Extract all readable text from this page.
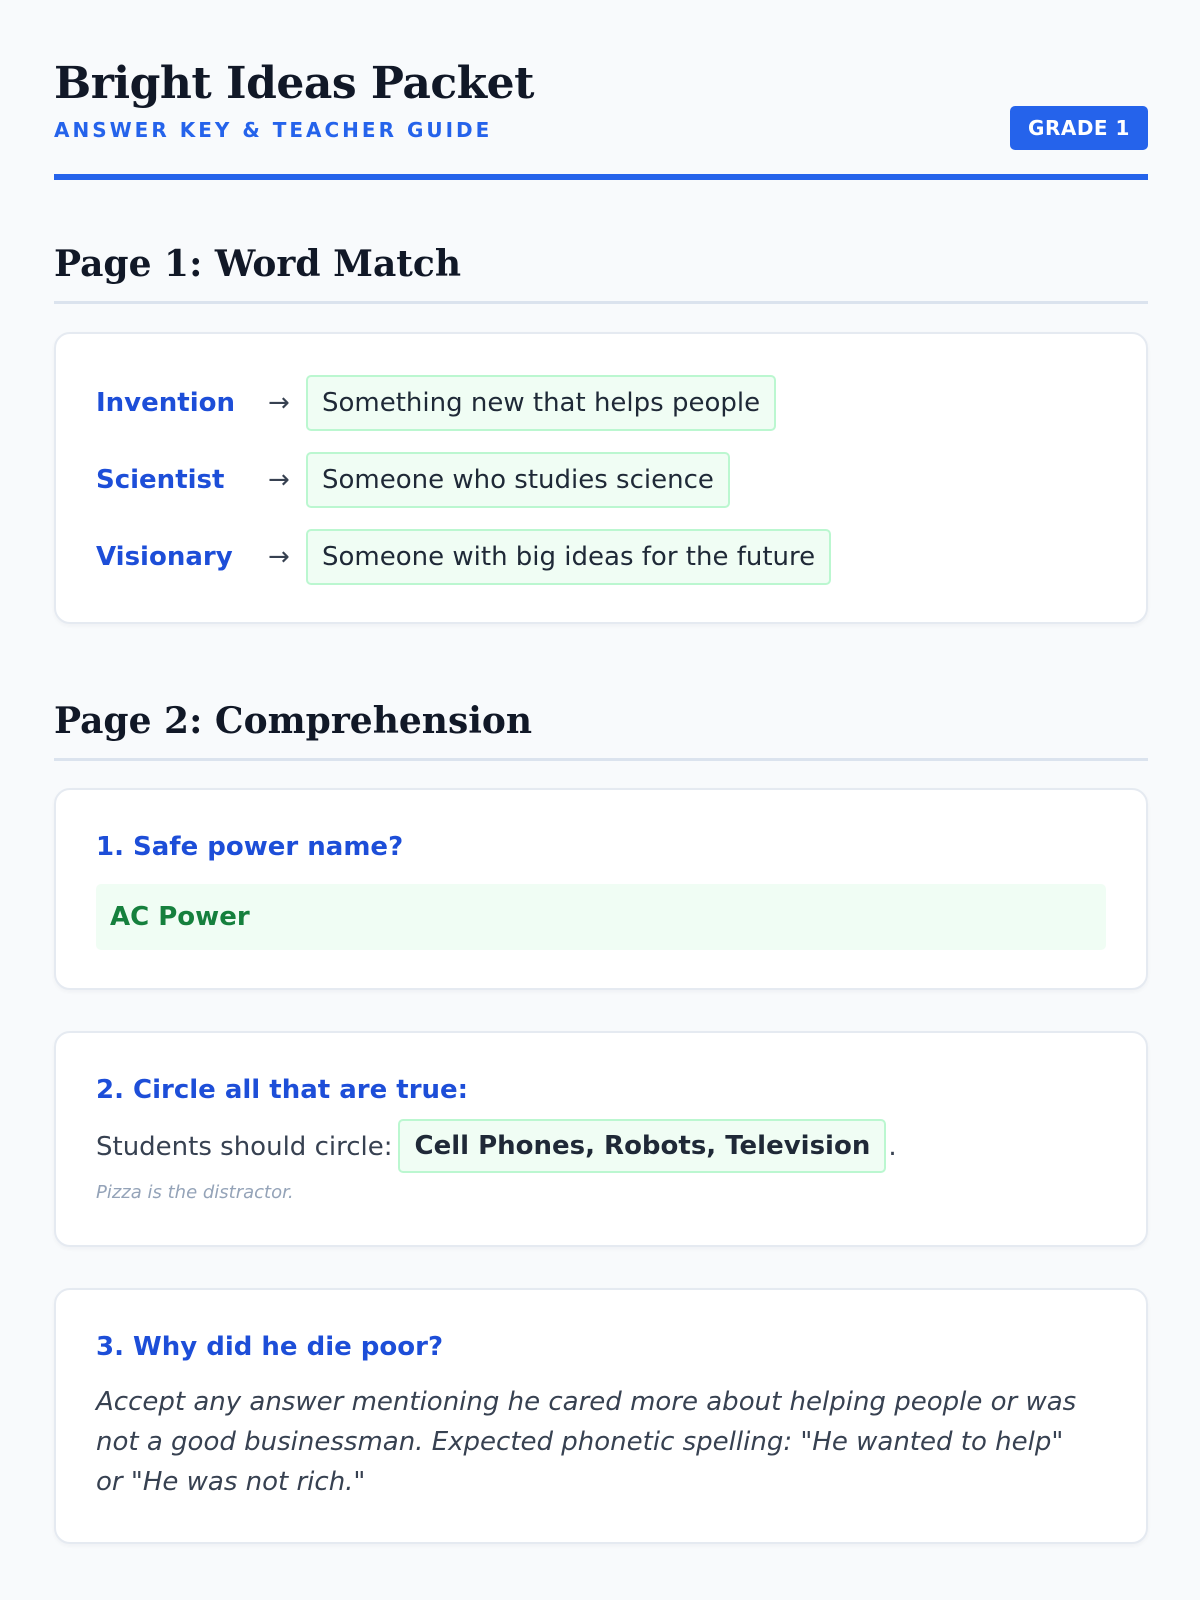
Bright Ideas Packet
ANSWER KEY & TEACHER GUIDE	GRADE 1
Page 1: Word Match
Invention →	Something new that helps people
Scientist →	Someone who studies science
Visionary →	Someone with big ideas for the future
Page 2: Comprehension
1. Safe power name?
AC Power
2. Circle all that are true:
Students should circle: Cell Phones, Robots, Television .
Pizza is the distractor.
3. Why did he die poor?
Accept any answer mentioning he cared more about helping people or was not a good businessman. Expected phonetic spelling: "He wanted to help" or "He was not rich."
